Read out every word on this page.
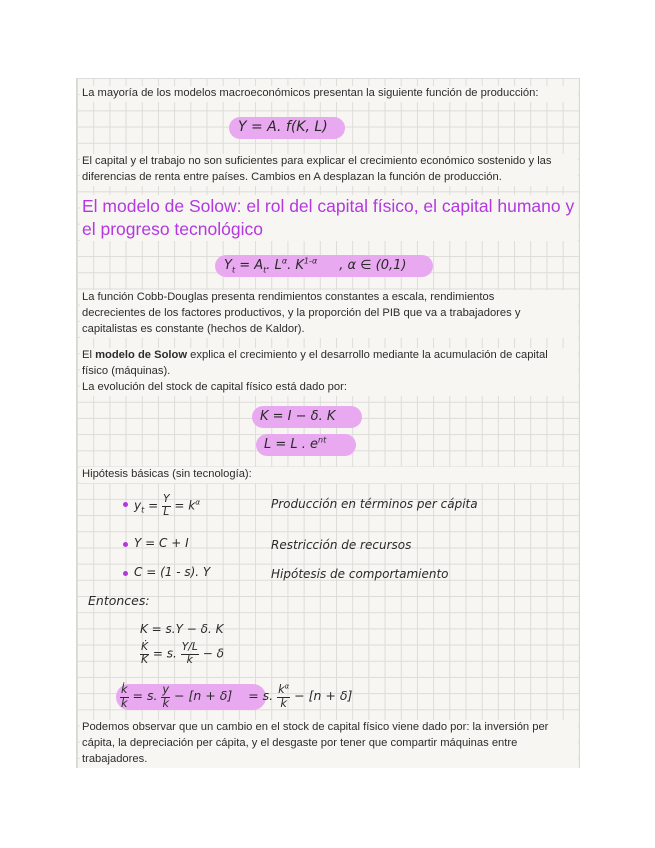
La mayoría de los modelos macroeconómicos presentan la siguiente función de producción:
Y = A. f(K, L)
El capital y el trabajo no son suficientes para explicar el crecimiento económico sostenido y las
diferencias de renta entre países. Cambios en A desplazan la función de producción.
El modelo de Solow: el rol del capital físico, el capital humano y
el progreso tecnológico
$Y_t = A_t$. $L^\alpha$. $K^{1-\alpha}$ , α ∈ (0,1)
La función Cobb-Douglas presenta rendimientos constantes a escala, rendimientos
decrecientes de los factores productivos, y la proporción del PIB que va a trabajadores y
capitalistas es constante (hechos de Kaldor).
El modelo de Solow explica el crecimiento y el desarrollo mediante la acumulación de capital
físico (máquinas).
La evolución del stock de capital físico está dado por:
K = I − δ. K
L = L . $e^{nt}$
Hipótesis básicas (sin tecnología):
$y_t = \frac{Y}{L} = k^\alpha$	Producción en términos per cápita
Y = C + I	Restricción de recursos
C = (1 - s). Y	Hipótesis de comportamiento
Entonces:
K = s.Y − δ. K
$\frac{K̇}{K} = s$. $\frac{Y/L}{k} - \delta$
$\frac{k̇}{k} = s$. $\frac{y}{k} - [n + \delta] = s$. $\frac{k^\alpha}{k} - [n + \delta]$
Podemos observar que un cambio en el stock de capital físico viene dado por: la inversión per
cápita, la depreciación per cápita, y el desgaste por tener que compartir máquinas entre
trabajadores.
